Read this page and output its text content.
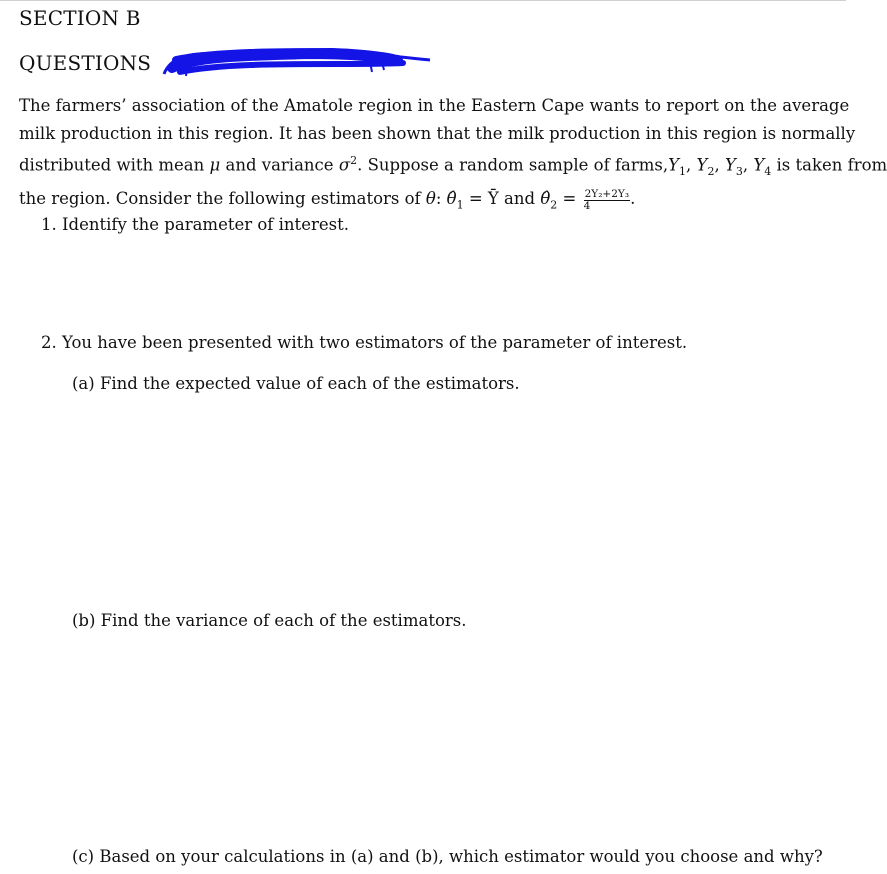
SECTION B
QUESTIONS
The farmers’ association of the Amatole region in the Eastern Cape wants to report on the average
milk production in this region. It has been shown that the milk production in this region is normally
distributed with mean μ and variance $\sigma^2$. Suppose a random sample of $farms,Y_1$, $Y_2$, $Y_3$, $Y_4$ is taken from
the region. Consider the following estimators of θ: $\thetâ_1$ = Ȳ and $\thetâ_2 = \frac{\text{2Y₂+2Y₃}}{4}$ .
1. Identify the parameter of interest.
2. You have been presented with two estimators of the parameter of interest.
(a) Find the expected value of each of the estimators.
(b) Find the variance of each of the estimators.
(c) Based on your calculations in (a) and (b), which estimator would you choose and why?
